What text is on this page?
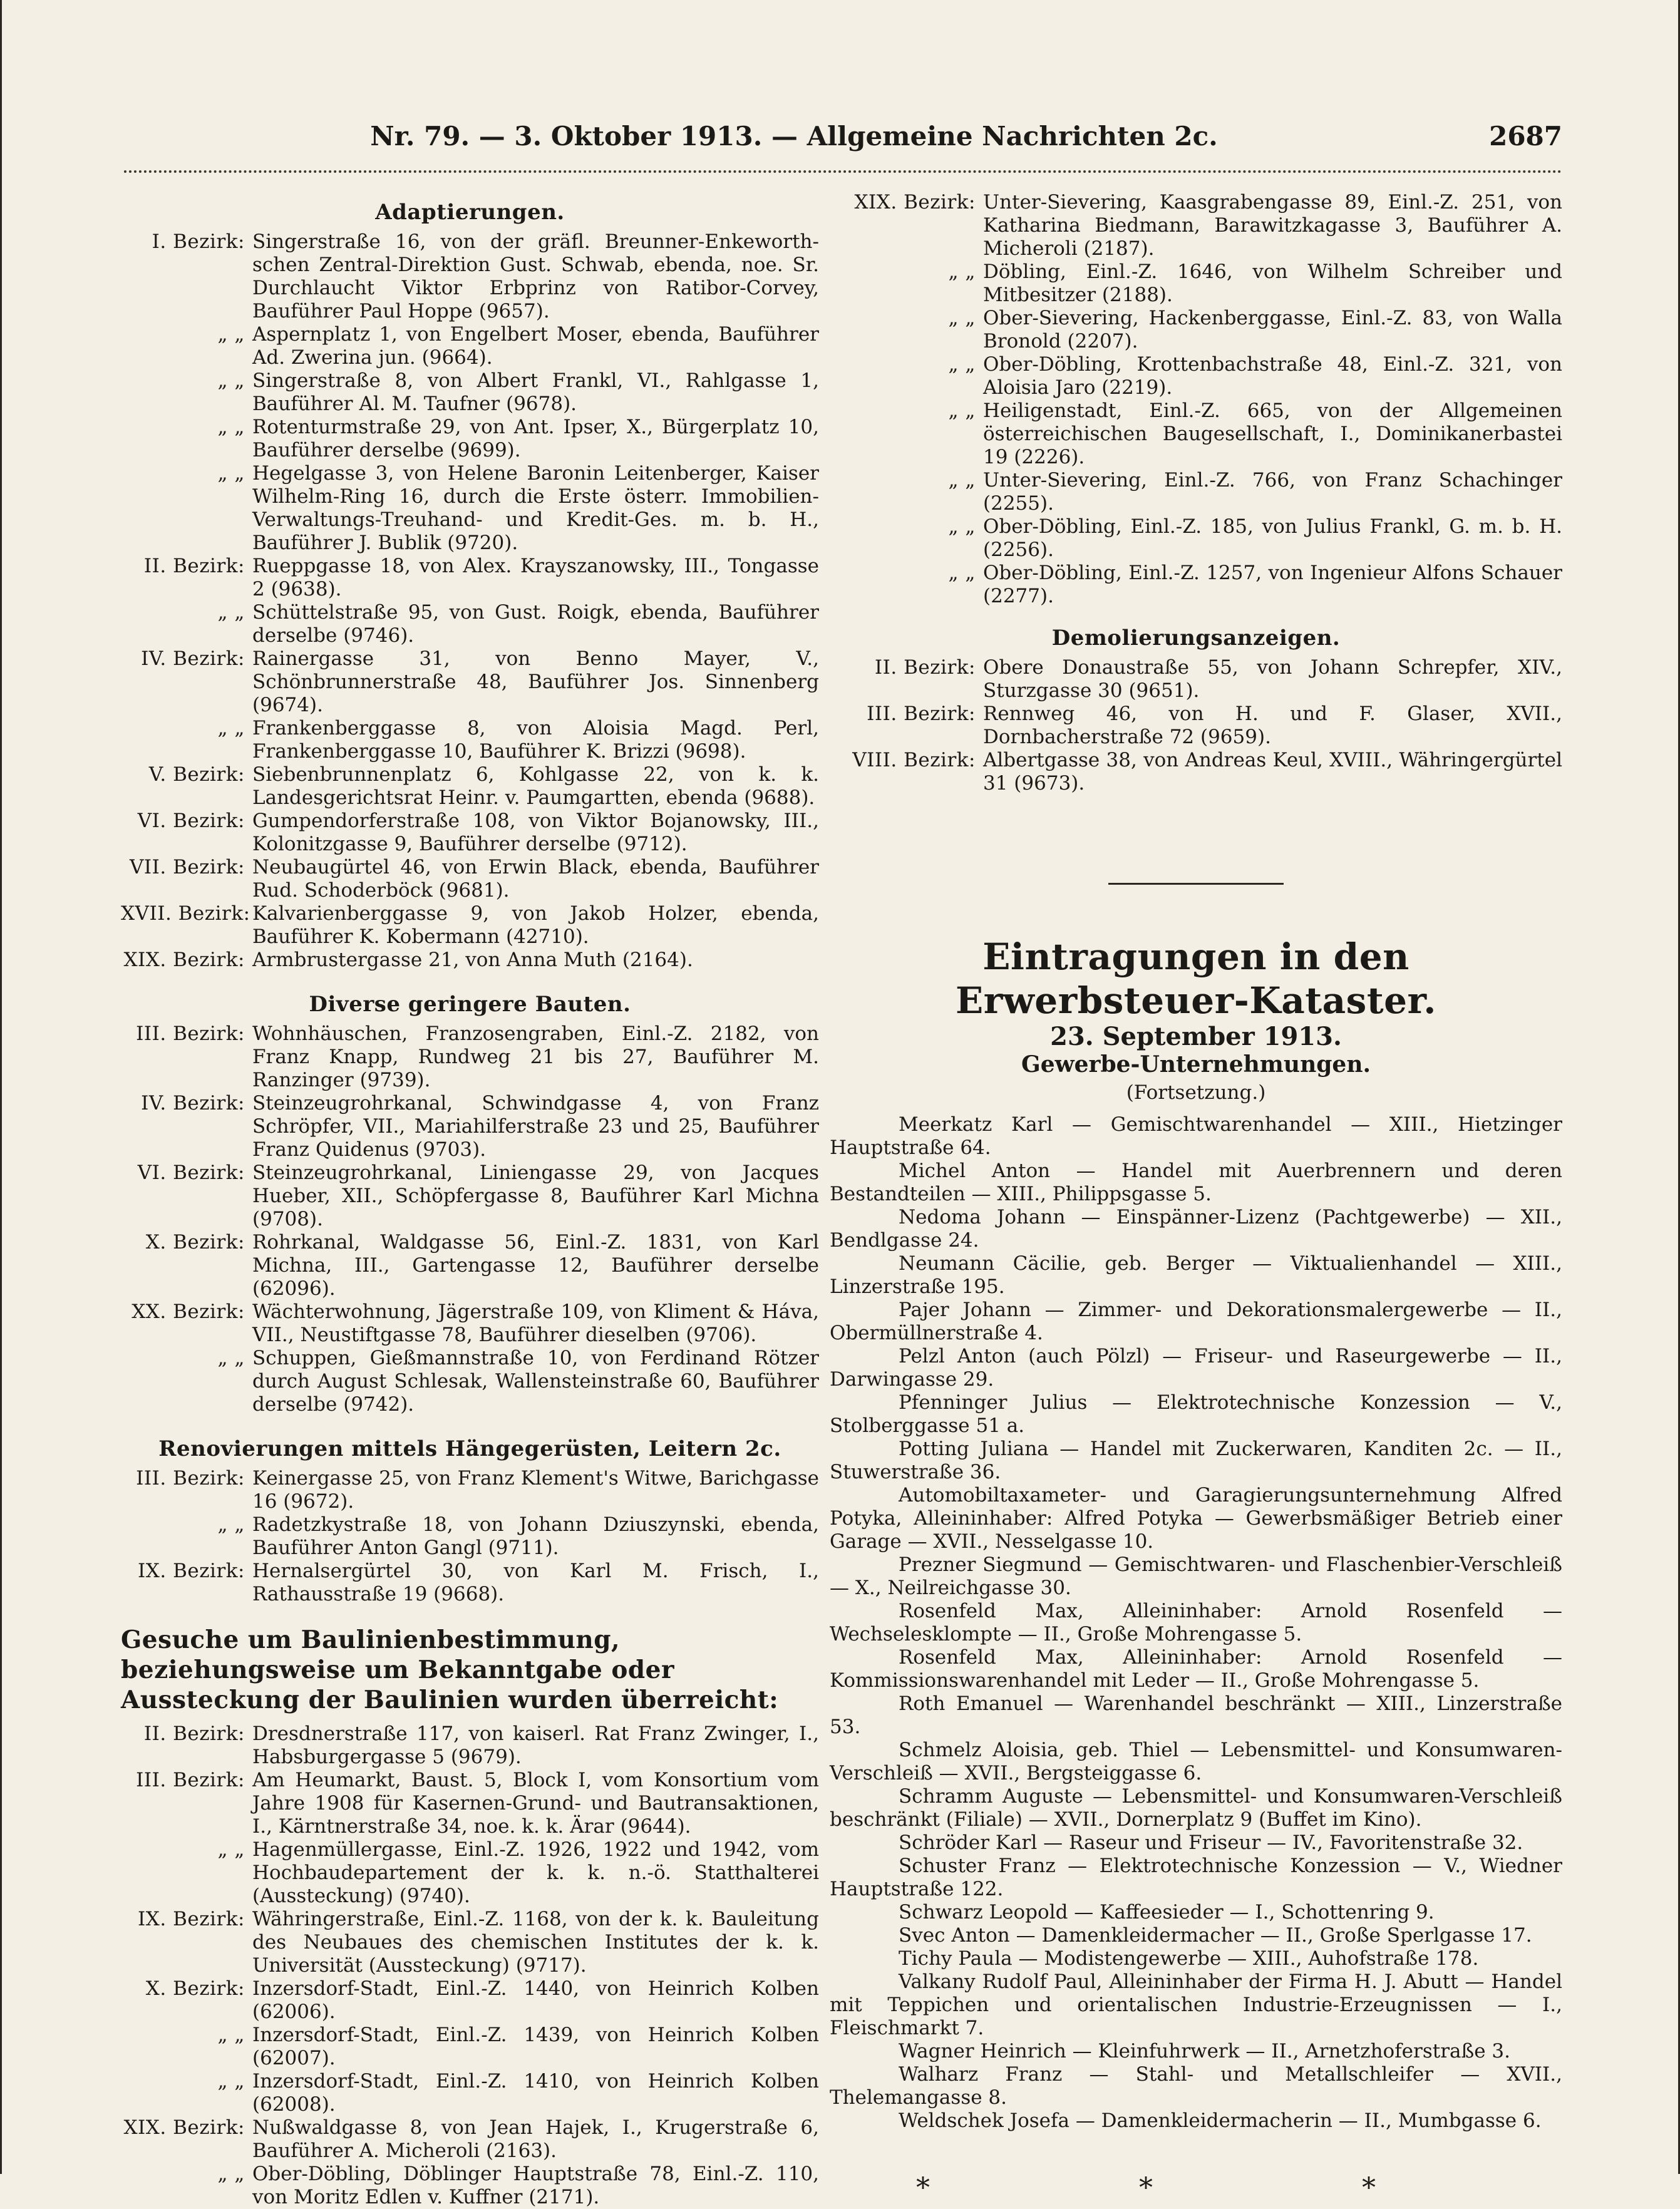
Nr. 79. — 3. Oktober 1913. — Allgemeine Nachrichten 2c.	2687
Adaptierungen.
I. Bezirk: Singerstraße 16, von der gräfl. Breunner-Enkeworth-schen Zentral-Direktion Gust. Schwab, ebenda, noe. Sr. Durchlaucht Viktor Erbprinz von Ratibor-Corvey, Bauführer Paul Hoppe (9657).
„ „ Aspernplatz 1, von Engelbert Moser, ebenda, Bauführer Ad. Zwerina jun. (9664).
„ „ Singerstraße 8, von Albert Frankl, VI., Rahlgasse 1, Bauführer Al. M. Taufner (9678).
„ „ Rotenturmstraße 29, von Ant. Ipser, X., Bürgerplatz 10, Bauführer derselbe (9699).
„ „ Hegelgasse 3, von Helene Baronin Leitenberger, Kaiser Wilhelm-Ring 16, durch die Erste österr. Immobilien-Verwaltungs-Treuhand- und Kredit-Ges. m. b. H., Bauführer J. Bublik (9720).
II. Bezirk: Rueppgasse 18, von Alex. Krayszanowsky, III., Tongasse 2 (9638).
„ „ Schüttelstraße 95, von Gust. Roigk, ebenda, Bauführer derselbe (9746).
IV. Bezirk: Rainergasse 31, von Benno Mayer, V., Schönbrunnerstraße 48, Bauführer Jos. Sinnenberg (9674).
„ „ Frankenberggasse 8, von Aloisia Magd. Perl, Frankenberggasse 10, Bauführer K. Brizzi (9698).
V. Bezirk: Siebenbrunnenplatz 6, Kohlgasse 22, von k. k. Landesgerichtsrat Heinr. v. Paumgartten, ebenda (9688).
VI. Bezirk: Gumpendorferstraße 108, von Viktor Bojanowsky, III., Kolonitzgasse 9, Bauführer derselbe (9712).
VII. Bezirk: Neubaugürtel 46, von Erwin Black, ebenda, Bauführer Rud. Schoderböck (9681).
XVII. Bezirk: Kalvarienberggasse 9, von Jakob Holzer, ebenda, Bauführer K. Kobermann (42710).
XIX. Bezirk: Armbrustergasse 21, von Anna Muth (2164).
Diverse geringere Bauten.
III. Bezirk: Wohnhäuschen, Franzosengraben, Einl.-Z. 2182, von Franz Knapp, Rundweg 21 bis 27, Bauführer M. Ranzinger (9739).
IV. Bezirk: Steinzeugrohrkanal, Schwindgasse 4, von Franz Schröpfer, VII., Mariahilferstraße 23 und 25, Bauführer Franz Quidenus (9703).
VI. Bezirk: Steinzeugrohrkanal, Liniengasse 29, von Jacques Hueber, XII., Schöpfergasse 8, Bauführer Karl Michna (9708).
X. Bezirk: Rohrkanal, Waldgasse 56, Einl.-Z. 1831, von Karl Michna, III., Gartengasse 12, Bauführer derselbe (62096).
XX. Bezirk: Wächterwohnung, Jägerstraße 109, von Kliment & Háva, VII., Neustiftgasse 78, Bauführer dieselben (9706).
„ „ Schuppen, Gießmannstraße 10, von Ferdinand Rötzer durch August Schlesak, Wallensteinstraße 60, Bauführer derselbe (9742).
Renovierungen mittels Hängegerüsten, Leitern 2c.
III. Bezirk: Keinergasse 25, von Franz Klement's Witwe, Barichgasse 16 (9672).
„ „ Radetzkystraße 18, von Johann Dziuszynski, ebenda, Bauführer Anton Gangl (9711).
IX. Bezirk: Hernalsergürtel 30, von Karl M. Frisch, I., Rathausstraße 19 (9668).
Gesuche um Baulinienbestimmung, beziehungsweise um Bekanntgabe oder Aussteckung der Baulinien wurden überreicht:
II. Bezirk: Dresdnerstraße 117, von kaiserl. Rat Franz Zwinger, I., Habsburgergasse 5 (9679).
III. Bezirk: Am Heumarkt, Baust. 5, Block I, vom Konsortium vom Jahre 1908 für Kasernen-Grund- und Bautransaktionen, I., Kärntnerstraße 34, noe. k. k. Ärar (9644).
„ „ Hagenmüllergasse, Einl.-Z. 1926, 1922 und 1942, vom Hochbaudepartement der k. k. n.-ö. Statthalterei (Aussteckung) (9740).
IX. Bezirk: Währingerstraße, Einl.-Z. 1168, von der k. k. Bauleitung des Neubaues des chemischen Institutes der k. k. Universität (Aussteckung) (9717).
X. Bezirk: Inzersdorf-Stadt, Einl.-Z. 1440, von Heinrich Kolben (62006).
„ „ Inzersdorf-Stadt, Einl.-Z. 1439, von Heinrich Kolben (62007).
„ „ Inzersdorf-Stadt, Einl.-Z. 1410, von Heinrich Kolben (62008).
XIX. Bezirk: Nußwaldgasse 8, von Jean Hajek, I., Krugerstraße 6, Bauführer A. Micheroli (2163).
„ „ Ober-Döbling, Döblinger Hauptstraße 78, Einl.-Z. 110, von Moritz Edlen v. Kuffner (2171).
XIX. Bezirk: Unter-Sievering, Kaasgrabengasse 89, Einl.-Z. 251, von Katharina Biedmann, Barawitzkagasse 3, Bauführer A. Micheroli (2187).
„ „ Döbling, Einl.-Z. 1646, von Wilhelm Schreiber und Mitbesitzer (2188).
„ „ Ober-Sievering, Hackenberggasse, Einl.-Z. 83, von Walla Bronold (2207).
„ „ Ober-Döbling, Krottenbachstraße 48, Einl.-Z. 321, von Aloisia Jaro (2219).
„ „ Heiligenstadt, Einl.-Z. 665, von der Allgemeinen österreichischen Baugesellschaft, I., Dominikanerbastei 19 (2226).
„ „ Unter-Sievering, Einl.-Z. 766, von Franz Schachinger (2255).
„ „ Ober-Döbling, Einl.-Z. 185, von Julius Frankl, G. m. b. H. (2256).
„ „ Ober-Döbling, Einl.-Z. 1257, von Ingenieur Alfons Schauer (2277).
Demolierungsanzeigen.
II. Bezirk: Obere Donaustraße 55, von Johann Schrepfer, XIV., Sturzgasse 30 (9651).
III. Bezirk: Rennweg 46, von H. und F. Glaser, XVII., Dornbacherstraße 72 (9659).
VIII. Bezirk: Albertgasse 38, von Andreas Keul, XVIII., Währingergürtel 31 (9673).
Eintragungen in den Erwerbsteuer-Kataster.
23. September 1913.
Gewerbe-Unternehmungen.
(Fortsetzung.)
Meerkatz Karl — Gemischtwarenhandel — XIII., Hietzinger Hauptstraße 64.
Michel Anton — Handel mit Auerbrennern und deren Bestandteilen — XIII., Philippsgasse 5.
Nedoma Johann — Einspänner-Lizenz (Pachtgewerbe) — XII., Bendlgasse 24.
Neumann Cäcilie, geb. Berger — Viktualienhandel — XIII., Linzerstraße 195.
Pajer Johann — Zimmer- und Dekorationsmalergewerbe — II., Obermüllnerstraße 4.
Pelzl Anton (auch Pölzl) — Friseur- und Raseurgewerbe — II., Darwingasse 29.
Pfenninger Julius — Elektrotechnische Konzession — V., Stolberggasse 51 a.
Potting Juliana — Handel mit Zuckerwaren, Kanditen 2c. — II., Stuwerstraße 36.
Automobiltaxameter- und Garagierungsunternehmung Alfred Potyka, Alleininhaber: Alfred Potyka — Gewerbsmäßiger Betrieb einer Garage — XVII., Nesselgasse 10.
Prezner Siegmund — Gemischtwaren- und Flaschenbier-Verschleiß — X., Neilreichgasse 30.
Rosenfeld Max, Alleininhaber: Arnold Rosenfeld — Wechselesklompte — II., Große Mohrengasse 5.
Rosenfeld Max, Alleininhaber: Arnold Rosenfeld — Kommissionswarenhandel mit Leder — II., Große Mohrengasse 5.
Roth Emanuel — Warenhandel beschränkt — XIII., Linzerstraße 53.
Schmelz Aloisia, geb. Thiel — Lebensmittel- und Konsumwaren-Verschleiß — XVII., Bergsteiggasse 6.
Schramm Auguste — Lebensmittel- und Konsumwaren-Verschleiß beschränkt (Filiale) — XVII., Dornerplatz 9 (Buffet im Kino).
Schröder Karl — Raseur und Friseur — IV., Favoritenstraße 32.
Schuster Franz — Elektrotechnische Konzession — V., Wiedner Hauptstraße 122.
Schwarz Leopold — Kaffeesieder — I., Schottenring 9.
Svec Anton — Damenkleidermacher — II., Große Sperlgasse 17.
Tichy Paula — Modistengewerbe — XIII., Auhofstraße 178.
Valkany Rudolf Paul, Alleininhaber der Firma H. J. Abutt — Handel mit Teppichen und orientalischen Industrie-Erzeugnissen — I., Fleischmarkt 7.
Wagner Heinrich — Kleinfuhrwerk — II., Arnetzhoferstraße 3.
Walharz Franz — Stahl- und Metallschleifer — XVII., Thelemangasse 8.
Weldschek Josefa — Damenkleidermacherin — II., Mumbgasse 6.
* * *
